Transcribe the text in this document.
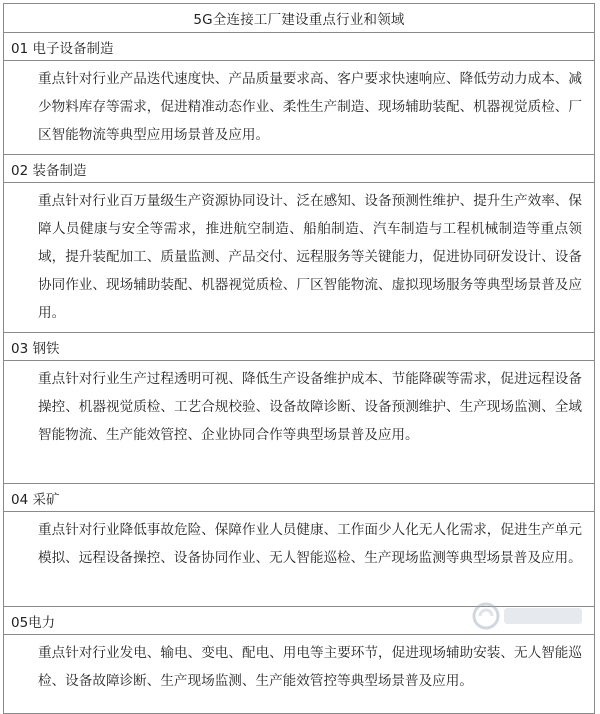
5G全连接工厂建设重点行业和领域
01 电子设备制造
重点针对行业产品迭代速度快、产品质量要求高、客户要求快速响应、降低劳动力成本、减少物料库存等需求，促进精准动态作业、柔性生产制造、现场辅助装配、机器视觉质检、厂区智能物流等典型应用场景普及应用。
02 装备制造
重点针对行业百万量级生产资源协同设计、泛在感知、设备预测性维护、提升生产效率、保障人员健康与安全等需求，推进航空制造、船舶制造、汽车制造与工程机械制造等重点领域，提升装配加工、质量监测、产品交付、远程服务等关键能力，促进协同研发设计、设备协同作业、现场辅助装配、机器视觉质检、厂区智能物流、虚拟现场服务等典型场景普及应用。
03 钢铁
重点针对行业生产过程透明可视、降低生产设备维护成本、节能降碳等需求，促进远程设备操控、机器视觉质检、工艺合规校验、设备故障诊断、设备预测维护、生产现场监测、全域智能物流、生产能效管控、企业协同合作等典型场景普及应用。
04 采矿
重点针对行业降低事故危险、保障作业人员健康、工作面少人化无人化需求，促进生产单元模拟、远程设备操控、设备协同作业、无人智能巡检、生产现场监测等典型场景普及应用。
05电力
重点针对行业发电、输电、变电、配电、用电等主要环节，促进现场辅助安装、无人智能巡检、设备故障诊断、生产现场监测、生产能效管控等典型场景普及应用。
